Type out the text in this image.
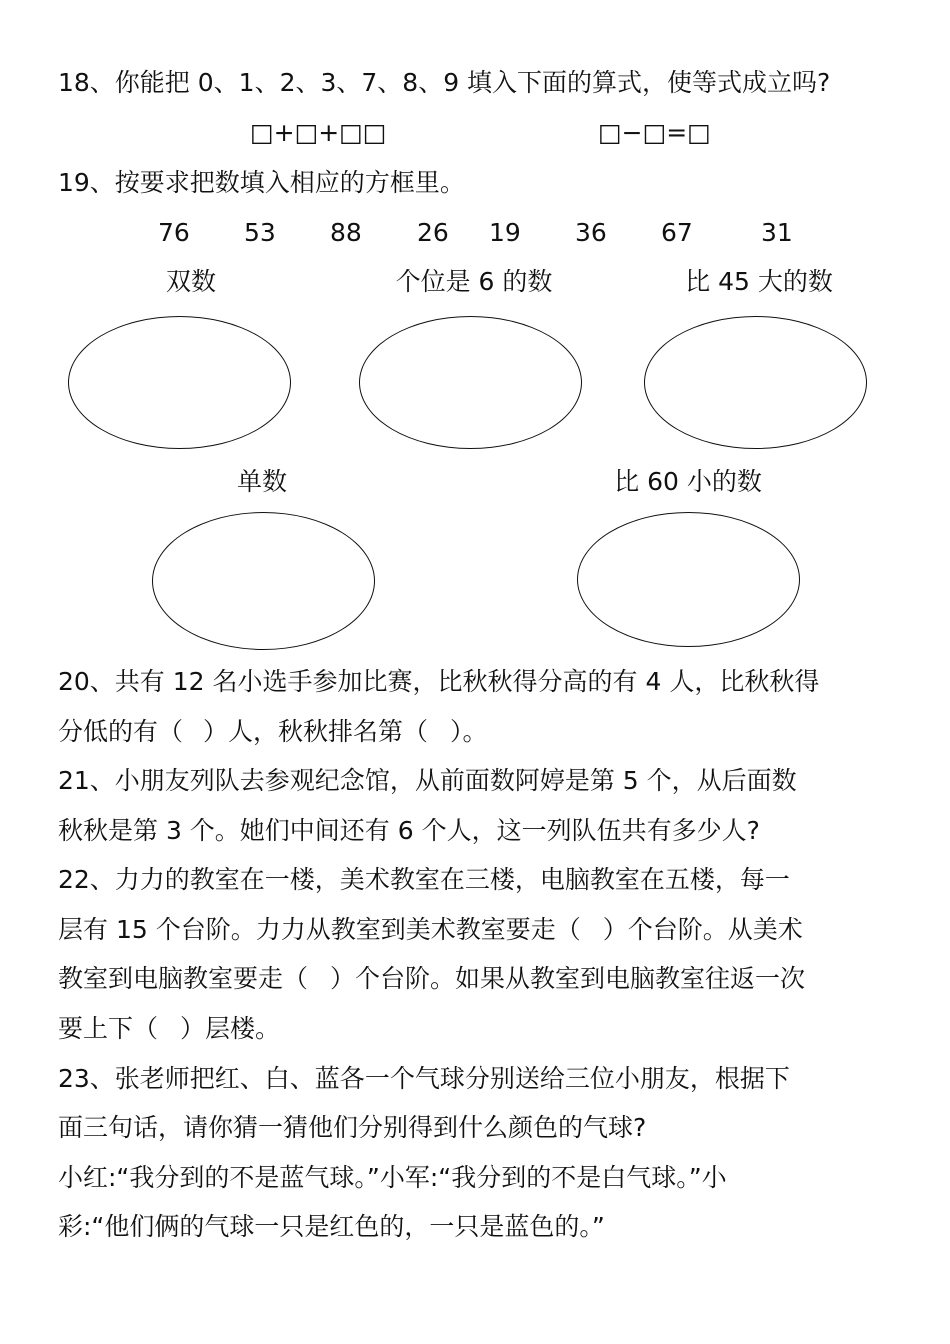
18、你能把 0、1、2、3、7、8、9 填入下面的算式，使等式成立吗?
□+□+□□	□−□=□
19、按要求把数填入相应的方框里。
76 53 88 26 19 36 67	31
双数	个位是 6 的数	比 45 大的数
单数	比 60 小的数
20、共有 12 名小选手参加比赛，比秋秋得分高的有 4 人，比秋秋得
分低的有（ ）人，秋秋排名第（ ）。
21、小朋友列队去参观纪念馆，从前面数阿婷是第 5 个，从后面数
秋秋是第 3 个。她们中间还有 6 个人，这一列队伍共有多少人?
22、力力的教室在一楼，美术教室在三楼，电脑教室在五楼，每一
层有 15 个台阶。力力从教室到美术教室要走（ ）个台阶。从美术
教室到电脑教室要走（ ）个台阶。如果从教室到电脑教室往返一次
要上下（ ）层楼。
23、张老师把红、白、蓝各一个气球分别送给三位小朋友，根据下
面三句话，请你猜一猜他们分别得到什么颜色的气球?
小红:“我分到的不是蓝气球。”小军:“我分到的不是白气球。”小
彩:“他们俩的气球一只是红色的，一只是蓝色的。”
